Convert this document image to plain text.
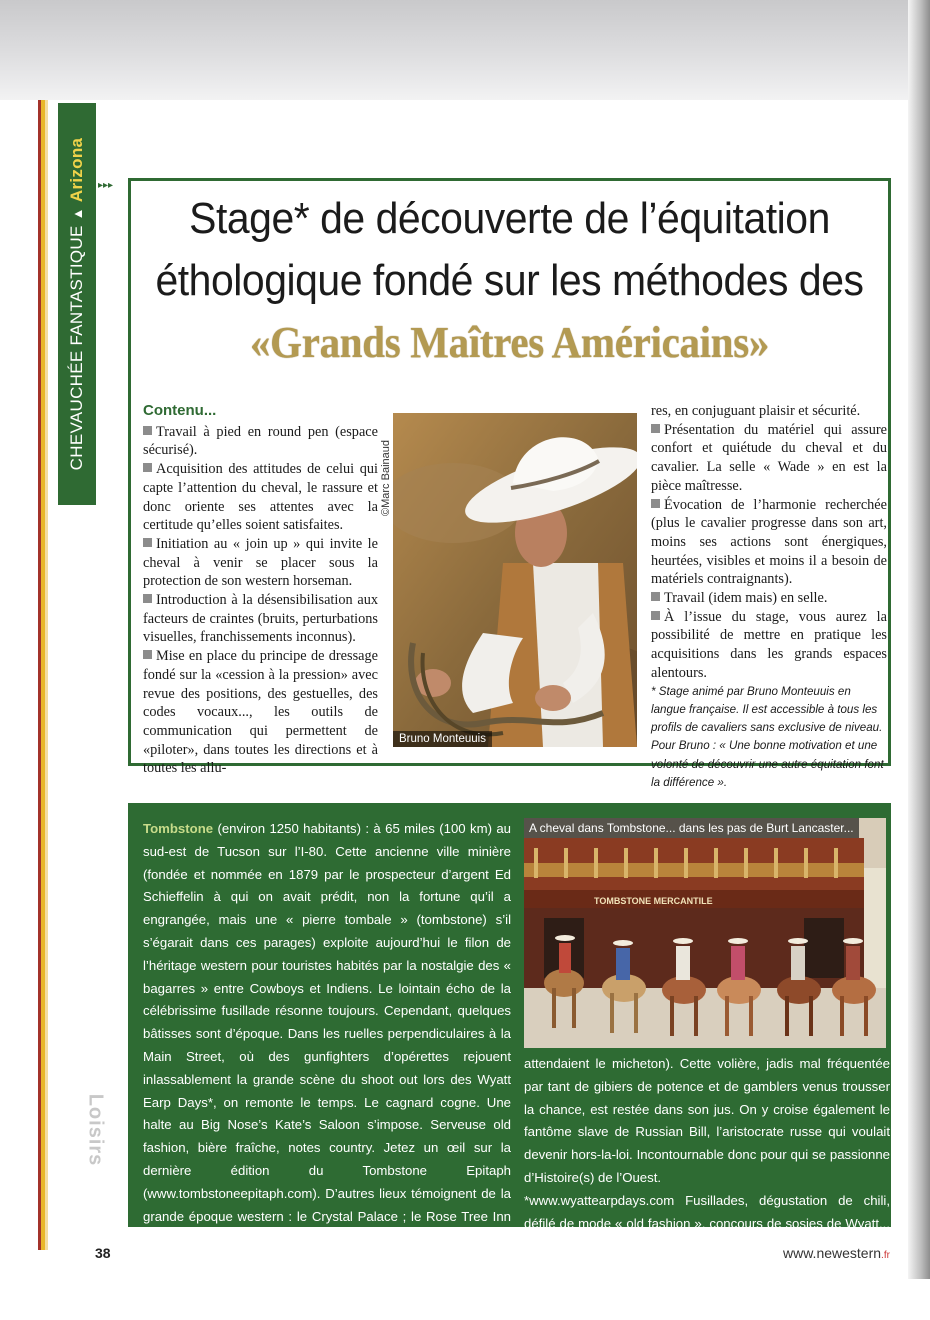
CHEVAUCHÉE FANTASTIQUE ▲ Arizona ▸▸▸
Stage* de découverte de l’équitation
éthologique fondé sur les méthodes des
«Grands Maîtres Américains»
Contenu...

Travail à pied en round pen (espace sécurisé).

Acquisition des attitudes de celui qui capte l’attention du cheval, le rassure et donc oriente ses attentes avec la certitude qu’elles soient satisfaites.

Initiation au « join up » qui invite le cheval à venir se placer sous la protection de son western horseman.

Introduction à la désensibilisation aux facteurs de craintes (bruits, perturbations visuelles, franchissements inconnus).

Mise en place du principe de dressage fondé sur la «cession à la pression» avec revue des positions, des gestuelles, des codes vocaux..., les outils de communication qui permettent de «piloter», dans toutes les directions et à toutes les allu-

©Marc Bainaud
Bruno Monteuuis

res, en conjuguant plaisir et sécurité.

Présentation du matériel qui assure confort et quiétude du cheval et du cavalier. La selle « Wade » en est la pièce maîtresse.

Évocation de l’harmonie recherchée (plus le cavalier progresse dans son art, moins ses actions sont énergiques, heurtées, visibles et moins il a besoin de matériels contraignants).

Travail (idem mais) en selle.

À l’issue du stage, vous aurez la possibilité de mettre en pratique les acquisitions dans les grands espaces alentours.

* Stage animé par Bruno Monteuuis en langue française. Il est accessible à tous les profils de cavaliers sans exclusive de niveau. Pour Bruno : « Une bonne motivation et une volonté de découvrir une autre équitation font la différence ».

Tombstone (environ 1250 habitants) : à 65 miles (100 km) au sud-est de Tucson sur l’I-80. Cette ancienne ville minière (fondée et nommée en 1879 par le prospecteur d’argent Ed Schieffelin à qui on avait prédit, non la fortune qu’il a engrangée, mais une « pierre tombale » (tombstone) s’il s’égarait dans ces parages) exploite aujourd’hui le filon de l’héritage western pour touristes habités par la nostalgie des « bagarres » entre Cowboys et Indiens. Le lointain écho de la célébrissime fusillade résonne toujours. Cependant, quelques bâtisses sont d’époque. Dans les ruelles perpendiculaires à la Main Street, où des gunfighters d’opérettes rejouent inlassablement la grande scène du shoot out lors des Wyatt Earp Days*, on remonte le temps. Le cagnard cogne. Une halte au Big Nose’s Kate’s Saloon s’impose. Serveuse old fashion, bière fraîche, notes country. Jetez un œil sur la dernière édition du Tombstone Epitaph (www.tombstoneepitaph.com). D’autres lieux témoignent de la grande époque western : le Crystal Palace ; le Rose Tree Inn Museum (qui recèle « le plus grand rosier du monde ») ; le Bird Cage Theater (qui doit son nom aux quatorze cages suspendues au plafond dans lesquelles les oiselles de nuits plus ou moins déplumées

TOMBSTONE MERCANTILE
A cheval dans Tombstone... dans les pas de Burt Lancaster...

attendaient le micheton). Cette volière, jadis mal fréquentée par tant de gibiers de potence et de gamblers venus trousser la chance, est restée dans son jus. On y croise également le fantôme slave de Russian Bill, l’aristocrate russe qui voulait devenir hors-la-loi. Incontournable donc pour qui se passionne d’Histoire(s) de l’Ouest.

*www.wyattearpdays.com Fusillades, dégustation de chili, défilé de mode « old fashion », concours de sosies de Wyatt... (24/26 mai en 2014).

Loisirs
38	www.newestern.fr
